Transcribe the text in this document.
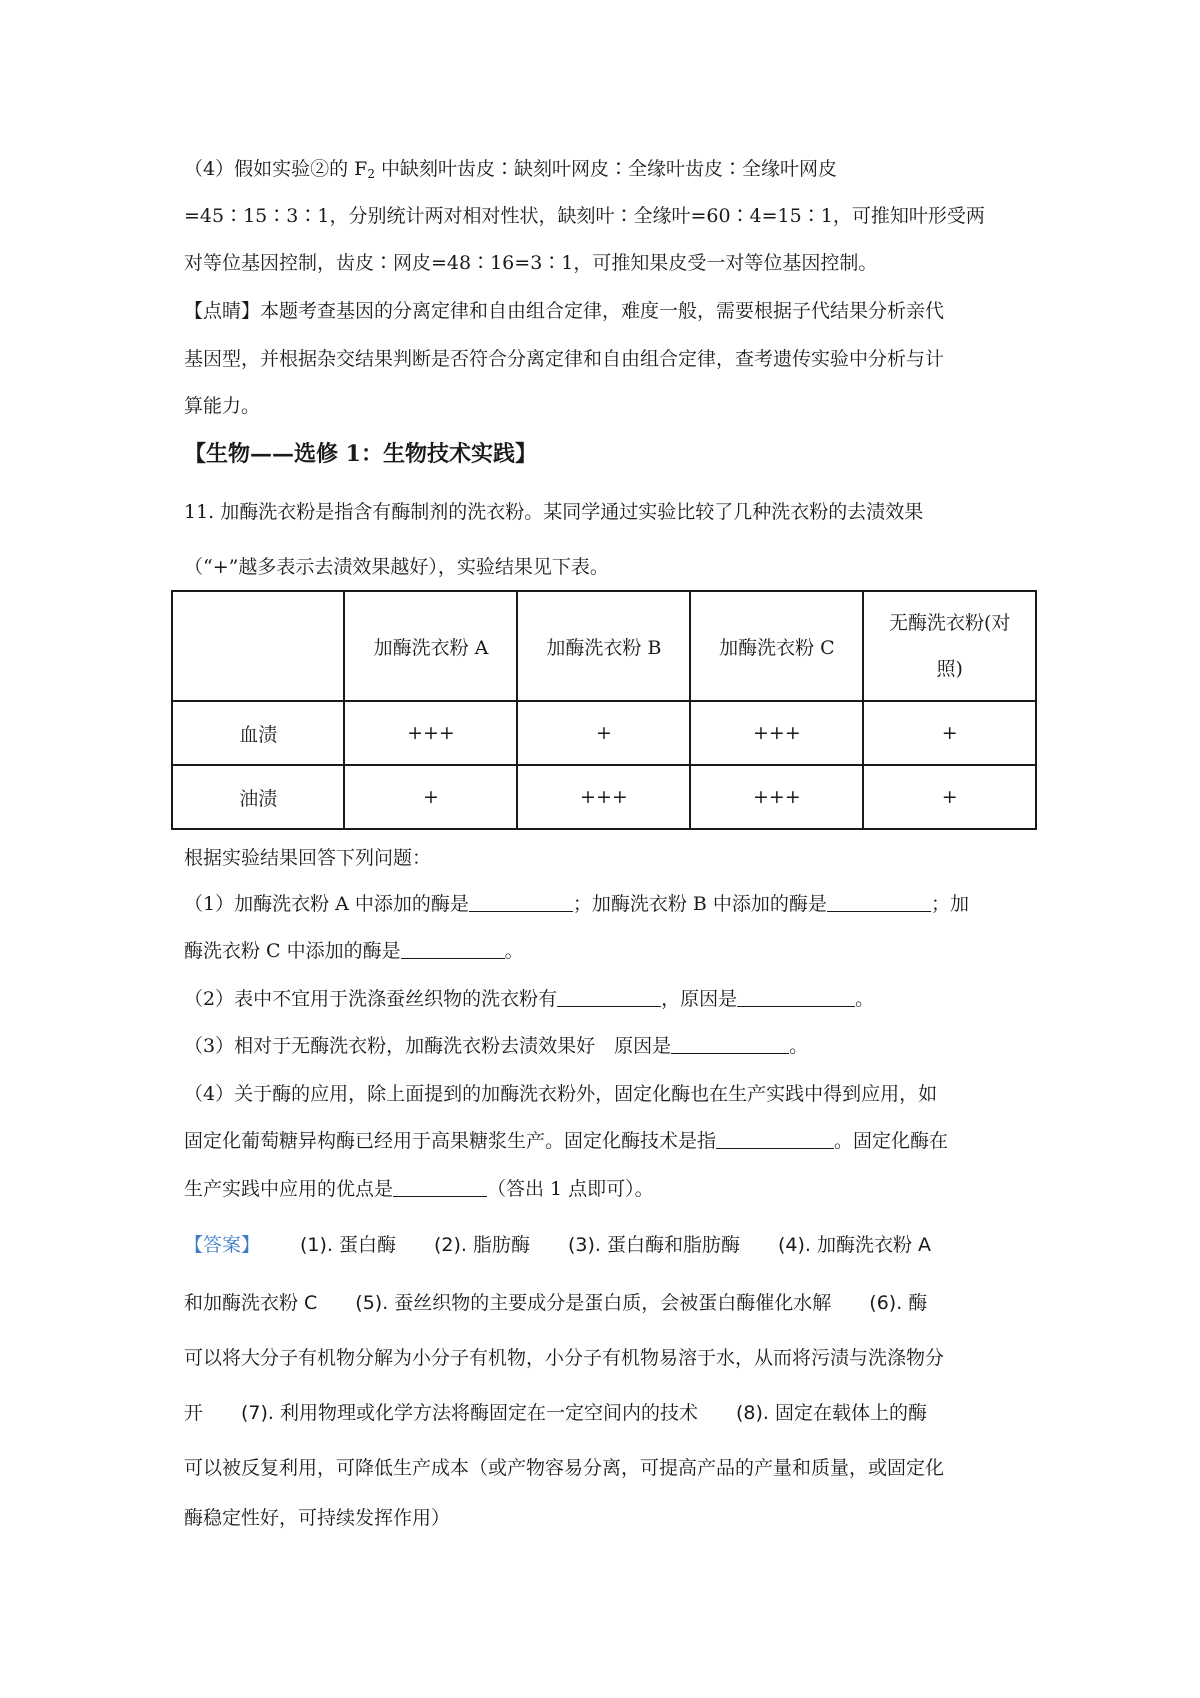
（4）假如实验②的 $F_2$ 中缺刻叶齿皮∶缺刻叶网皮∶全缘叶齿皮∶全缘叶网皮
=45∶15∶3∶1，分别统计两对相对性状，缺刻叶∶全缘叶=60∶4=15∶1，可推知叶形受两
对等位基因控制，齿皮∶网皮=48∶16=3∶1，可推知果皮受一对等位基因控制。
【点睛】本题考查基因的分离定律和自由组合定律，难度一般，需要根据子代结果分析亲代
基因型，并根据杂交结果判断是否符合分离定律和自由组合定律，查考遗传实验中分析与计
算能力。
【生物——选修 1：生物技术实践】
11. 加酶洗衣粉是指含有酶制剂的洗衣粉。某同学通过实验比较了几种洗衣粉的去渍效果
（“+”越多表示去渍效果越好），实验结果见下表。
	加酶洗衣粉 A	加酶洗衣粉 B	加酶洗衣粉 C	无酶洗衣粉(对
照)
血渍	+++	+	+++	+
油渍	+	+++	+++	+
根据实验结果回答下列问题：
（1）加酶洗衣粉 A 中添加的酶是	；加酶洗衣粉 B 中添加的酶是	；加
酶洗衣粉 C 中添加的酶是	。
（2）表中不宜用于洗涤蚕丝织物的洗衣粉有	，原因是	。
（3）相对于无酶洗衣粉，加酶洗衣粉去渍效果好　原因是	。
（4）关于酶的应用，除上面提到的加酶洗衣粉外，固定化酶也在生产实践中得到应用，如
固定化葡萄糖异构酶已经用于高果糖浆生产。固定化酶技术是指	。固定化酶在
生产实践中应用的优点是	（答出 1 点即可）。
【答案】 (1). 蛋白酶　　(2). 脂肪酶　　(3). 蛋白酶和脂肪酶　　(4). 加酶洗衣粉 A
和加酶洗衣粉 C　　(5). 蚕丝织物的主要成分是蛋白质，会被蛋白酶催化水解　　(6). 酶
可以将大分子有机物分解为小分子有机物，小分子有机物易溶于水，从而将污渍与洗涤物分
开　　(7). 利用物理或化学方法将酶固定在一定空间内的技术　　(8). 固定在载体上的酶
可以被反复利用，可降低生产成本（或产物容易分离，可提高产品的产量和质量，或固定化
酶稳定性好，可持续发挥作用）
